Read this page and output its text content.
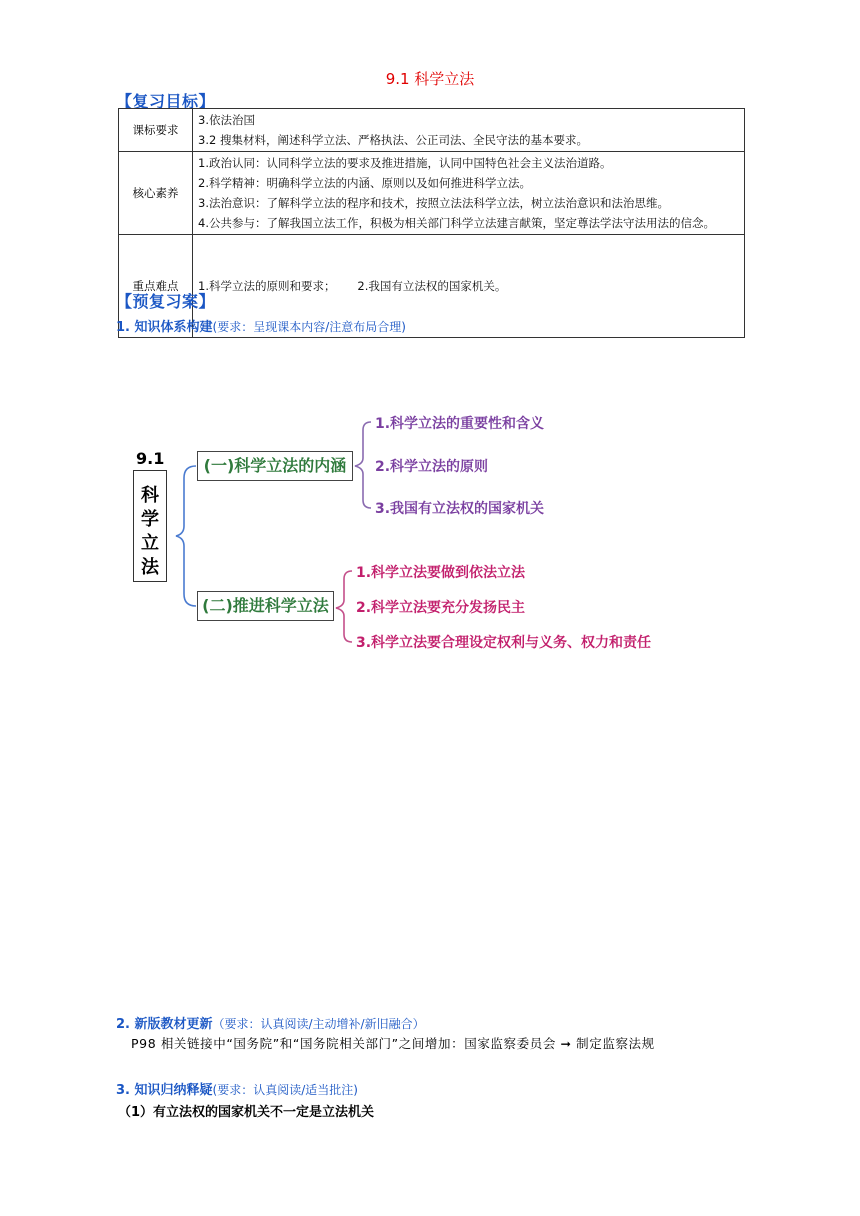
9.1 科学立法
【复习目标】
课标要求	3.依法治国
3.2 搜集材料，阐述科学立法、严格执法、公正司法、全民守法的基本要求。

核心素养	1.政治认同：认同科学立法的要求及推进措施，认同中国特色社会主义法治道路。
2.科学精神：明确科学立法的内涵、原则以及如何推进科学立法。
3.法治意识：了解科学立法的程序和技术，按照立法法科学立法，树立法治意识和法治思维。
4.公共参与：了解我国立法工作，积极为相关部门科学立法建言献策，坚定尊法学法守法用法的信念。

重点难点	1.科学立法的原则和要求；      2.我国有立法权的国家机关。

【预复习案】
1. 知识体系构建(要求：呈现课本内容/注意布局合理)
9.1
科
学
立
法
(一)科学立法的内涵
(二)推进科学立法
1.科学立法的重要性和含义
2.科学立法的原则
3.我国有立法权的国家机关
1.科学立法要做到依法立法
2.科学立法要充分发扬民主
3.科学立法要合理设定权利与义务、权力和责任
2. 新版教材更新（要求：认真阅读/主动增补/新旧融合）
P98 相关链接中“国务院”和“国务院相关部门”之间增加：国家监察委员会 ➞ 制定监察法规
3. 知识归纳释疑(要求：认真阅读/适当批注)
（1）有立法权的国家机关不一定是立法机关
